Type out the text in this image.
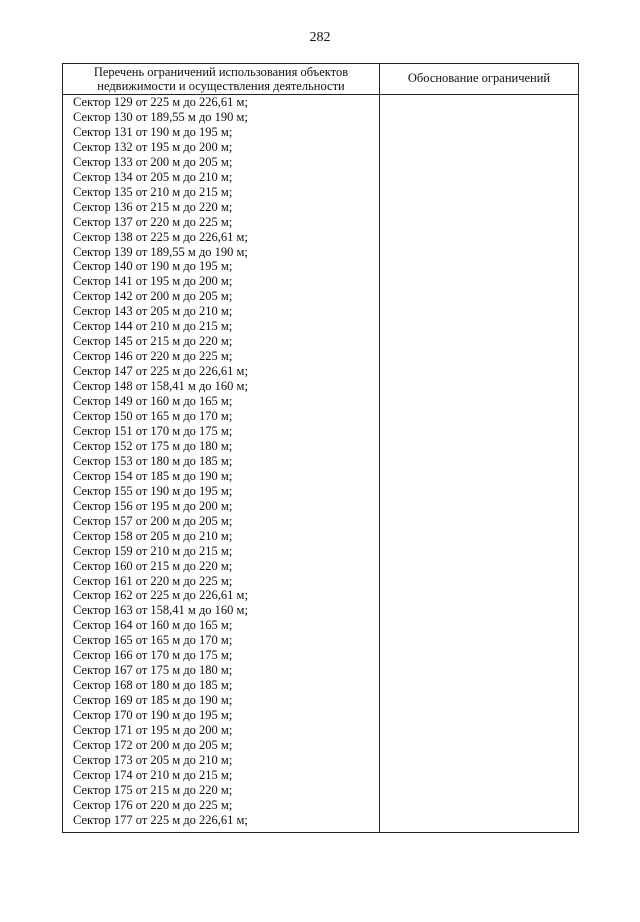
282
Перечень ограничений использования объектов
недвижимости и осуществления деятельности
Обоснование ограничений
Сектор 129 от 225 м до 226,61 м;
Сектор 130 от 189,55 м до 190 м;
Сектор 131 от 190 м до 195 м;
Сектор 132 от 195 м до 200 м;
Сектор 133 от 200 м до 205 м;
Сектор 134 от 205 м до 210 м;
Сектор 135 от 210 м до 215 м;
Сектор 136 от 215 м до 220 м;
Сектор 137 от 220 м до 225 м;
Сектор 138 от 225 м до 226,61 м;
Сектор 139 от 189,55 м до 190 м;
Сектор 140 от 190 м до 195 м;
Сектор 141 от 195 м до 200 м;
Сектор 142 от 200 м до 205 м;
Сектор 143 от 205 м до 210 м;
Сектор 144 от 210 м до 215 м;
Сектор 145 от 215 м до 220 м;
Сектор 146 от 220 м до 225 м;
Сектор 147 от 225 м до 226,61 м;
Сектор 148 от 158,41 м до 160 м;
Сектор 149 от 160 м до 165 м;
Сектор 150 от 165 м до 170 м;
Сектор 151 от 170 м до 175 м;
Сектор 152 от 175 м до 180 м;
Сектор 153 от 180 м до 185 м;
Сектор 154 от 185 м до 190 м;
Сектор 155 от 190 м до 195 м;
Сектор 156 от 195 м до 200 м;
Сектор 157 от 200 м до 205 м;
Сектор 158 от 205 м до 210 м;
Сектор 159 от 210 м до 215 м;
Сектор 160 от 215 м до 220 м;
Сектор 161 от 220 м до 225 м;
Сектор 162 от 225 м до 226,61 м;
Сектор 163 от 158,41 м до 160 м;
Сектор 164 от 160 м до 165 м;
Сектор 165 от 165 м до 170 м;
Сектор 166 от 170 м до 175 м;
Сектор 167 от 175 м до 180 м;
Сектор 168 от 180 м до 185 м;
Сектор 169 от 185 м до 190 м;
Сектор 170 от 190 м до 195 м;
Сектор 171 от 195 м до 200 м;
Сектор 172 от 200 м до 205 м;
Сектор 173 от 205 м до 210 м;
Сектор 174 от 210 м до 215 м;
Сектор 175 от 215 м до 220 м;
Сектор 176 от 220 м до 225 м;
Сектор 177 от 225 м до 226,61 м;
